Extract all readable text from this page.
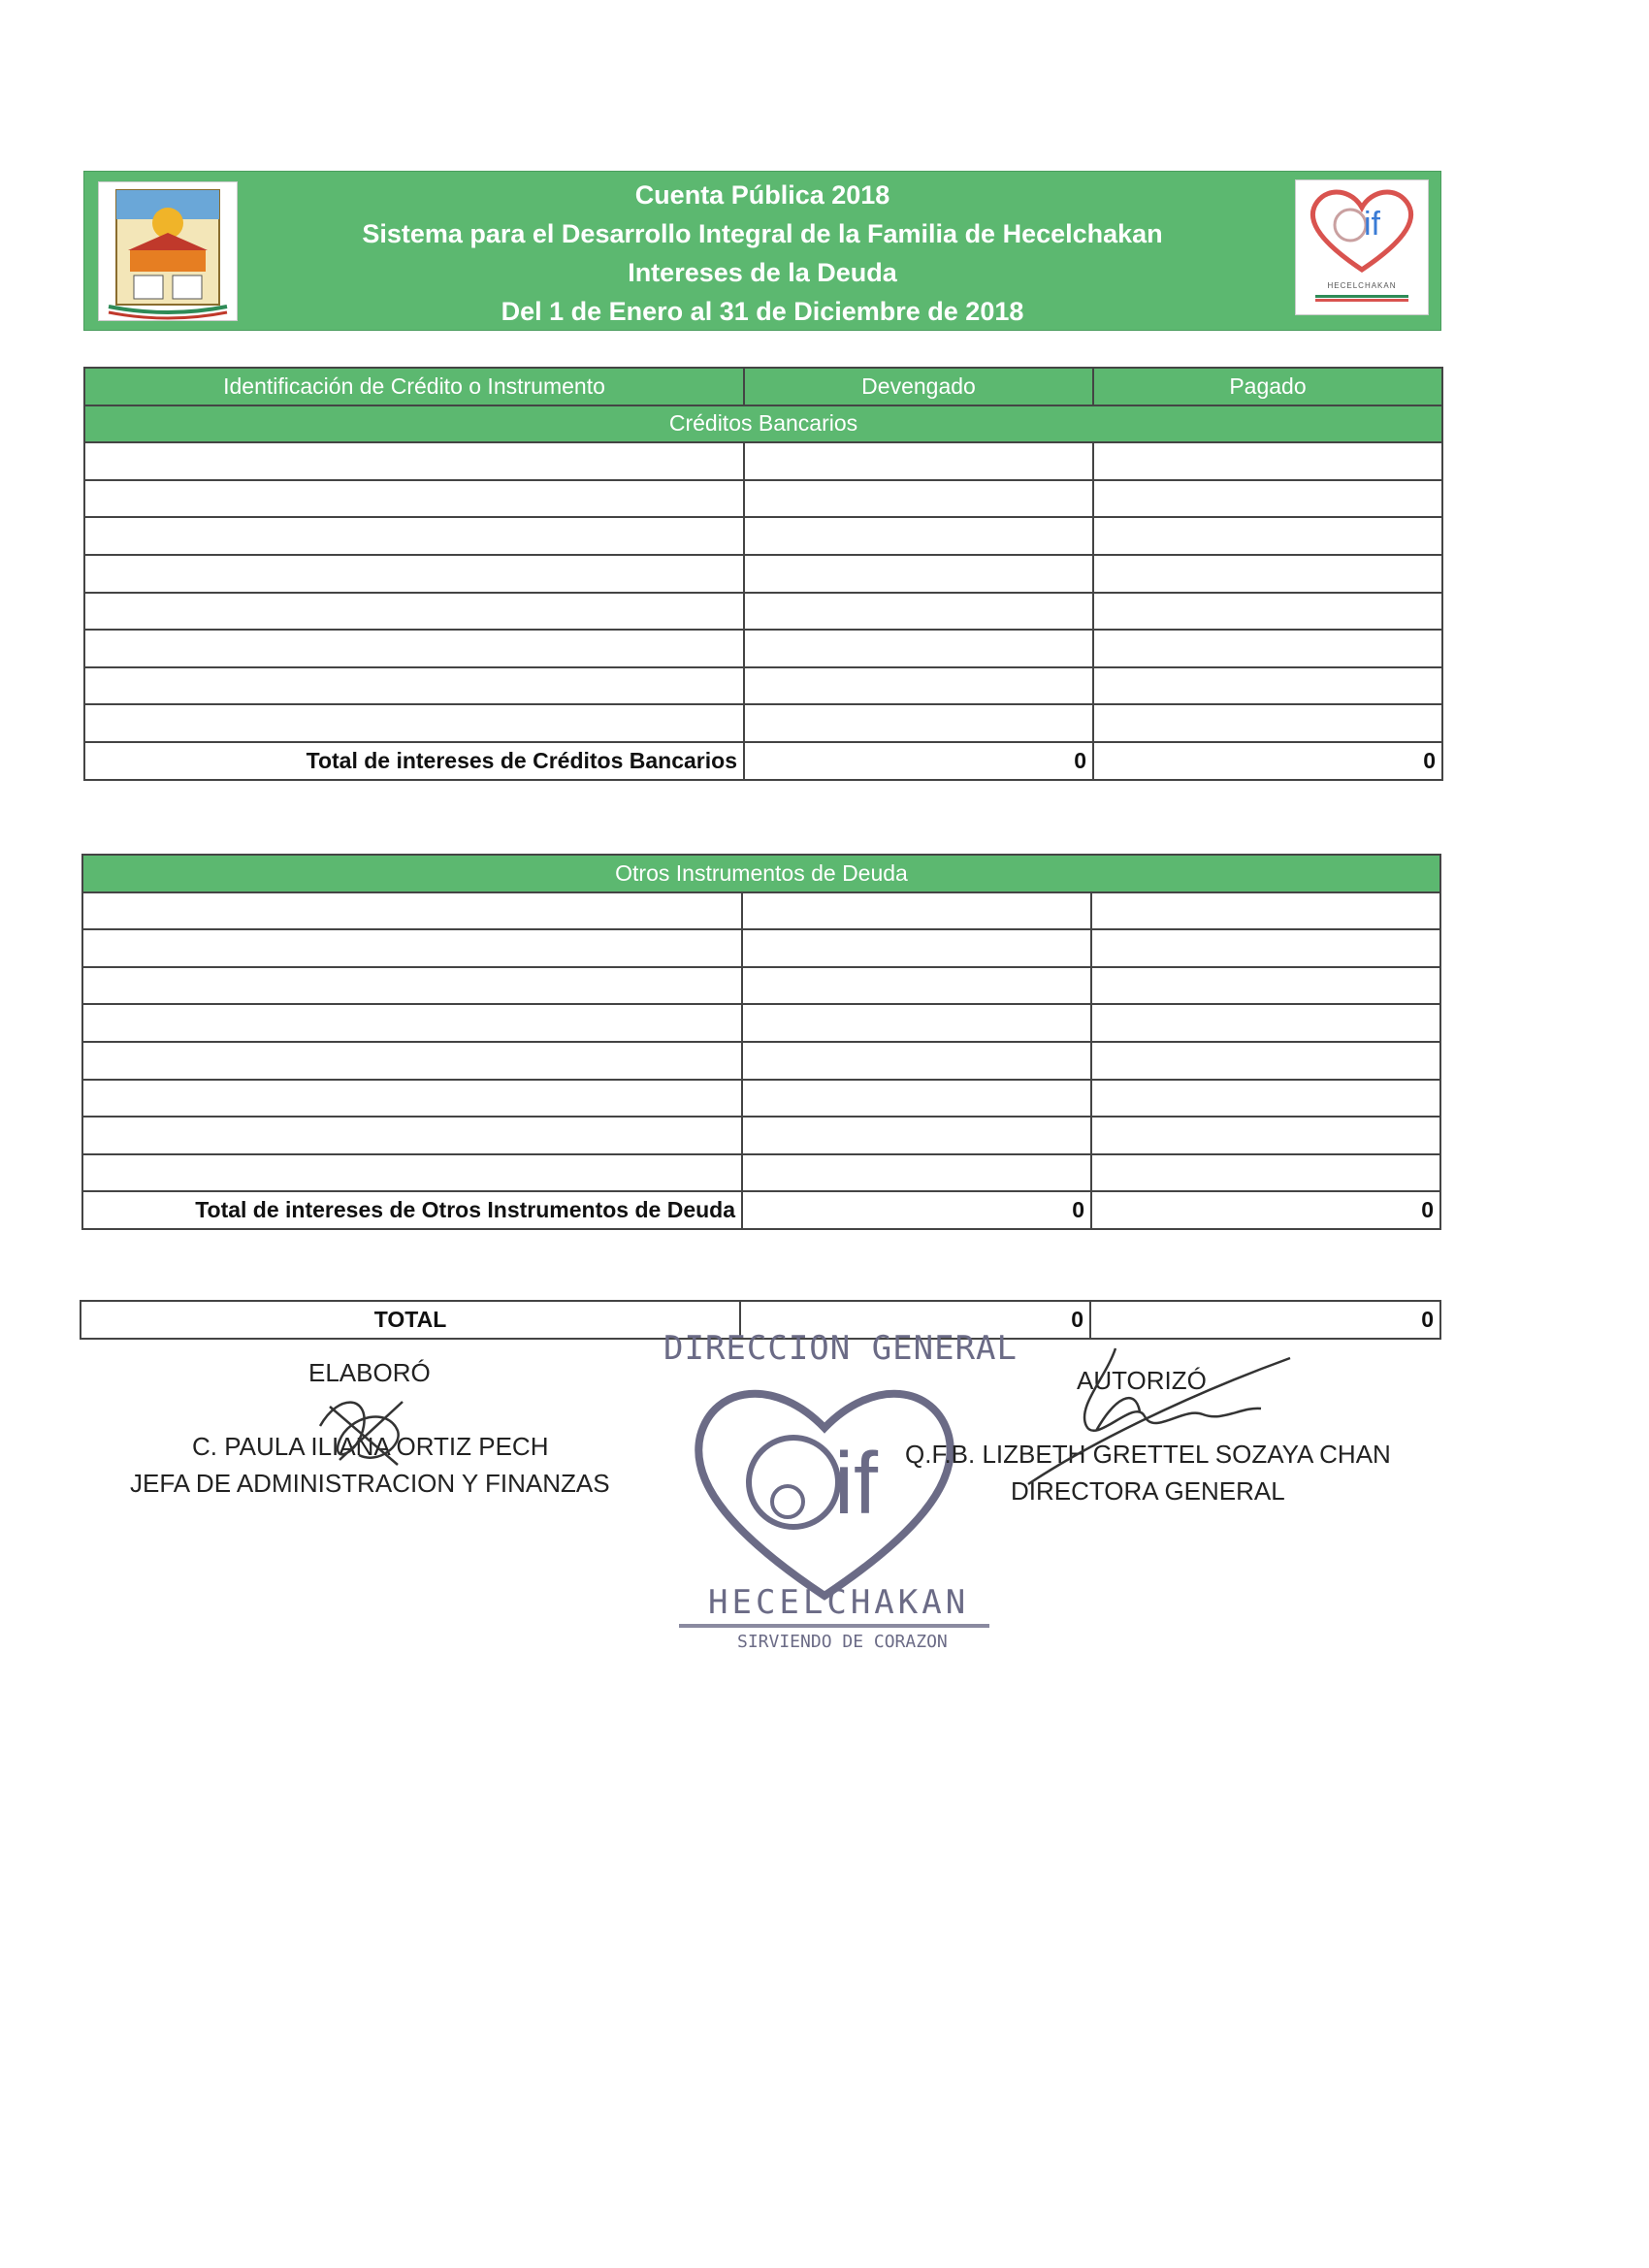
Cuenta Pública 2018
Sistema para el Desarrollo Integral de la Familia de Hecelchakan
Intereses de la Deuda
Del 1 de Enero al 31 de Diciembre de 2018
if
HECELCHAKAN
Identificación de Crédito o Instrumento	Devengado	Pagado
Créditos Bancarios		

Total de intereses de Créditos Bancarios	0	0
Otros Instrumentos de Deuda		

Total de intereses de Otros Instrumentos de Deuda	0	0
TOTAL	0	0
DIRECCION GENERAL
if
HECELCHAKAN
SIRVIENDO DE CORAZON
ELABORÓ
C. PAULA ILIANA ORTIZ PECH
JEFA DE ADMINISTRACION Y FINANZAS
AUTORIZÓ
Q.F.B. LIZBETH GRETTEL SOZAYA CHAN
DIRECTORA GENERAL
